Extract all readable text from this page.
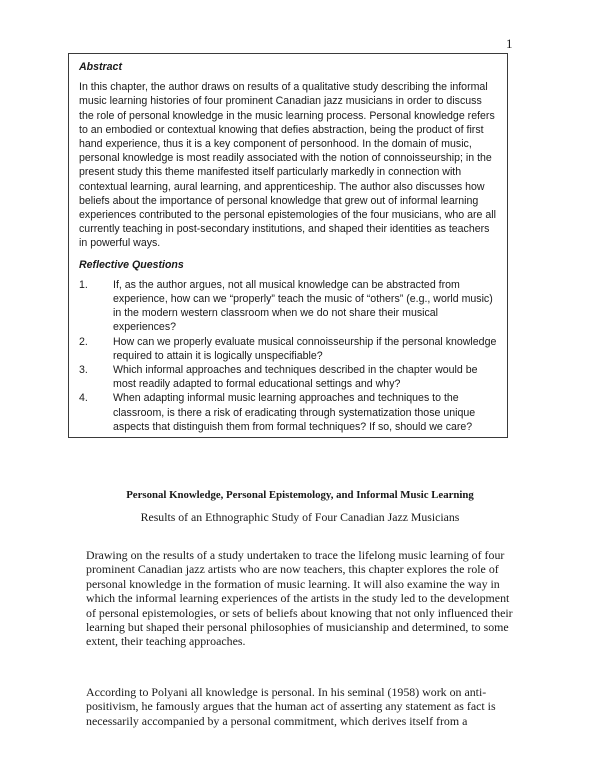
1

Abstract

In this chapter, the author draws on results of a qualitative study describing the informal music learning histories of four prominent Canadian jazz musicians in order to discuss the role of personal knowledge in the music learning process. Personal knowledge refers to an embodied or contextual knowing that defies abstraction, being the product of first hand experience, thus it is a key component of personhood. In the domain of music, personal knowledge is most readily associated with the notion of connoisseurship; in the present study this theme manifested itself particularly markedly in connection with contextual learning, aural learning, and apprenticeship. The author also discusses how beliefs about the importance of personal knowledge that grew out of informal learning experiences contributed to the personal epistemologies of the four musicians, who are all currently teaching in post-secondary institutions, and shaped their identities as teachers in powerful ways.

Reflective Questions

1.	If, as the author argues, not all musical knowledge can be abstracted from experience, how can we “properly” teach the music of “others” (e.g., world music) in the modern western classroom when we do not share their musical experiences?
2.	How can we properly evaluate musical connoisseurship if the personal knowledge required to attain it is logically unspecifiable?
3.	Which informal approaches and techniques described in the chapter would be most readily adapted to formal educational settings and why?
4.	When adapting informal music learning approaches and techniques to the classroom, is there a risk of eradicating through systematization those unique aspects that distinguish them from formal techniques? If so, should we care?
Personal Knowledge, Personal Epistemology, and Informal Music Learning
Results of an Ethnographic Study of Four Canadian Jazz Musicians

Drawing on the results of a study undertaken to trace the lifelong music learning of four prominent Canadian jazz artists who are now teachers, this chapter explores the role of personal knowledge in the formation of music learning. It will also examine the way in which the informal learning experiences of the artists in the study led to the development of personal epistemologies, or sets of beliefs about knowing that not only influenced their learning but shaped their personal philosophies of musicianship and determined, to some extent, their teaching approaches.

According to Polyani all knowledge is personal. In his seminal (1958) work on anti-positivism, he famously argues that the human act of asserting any statement as fact is necessarily accompanied by a personal commitment, which derives itself from a
